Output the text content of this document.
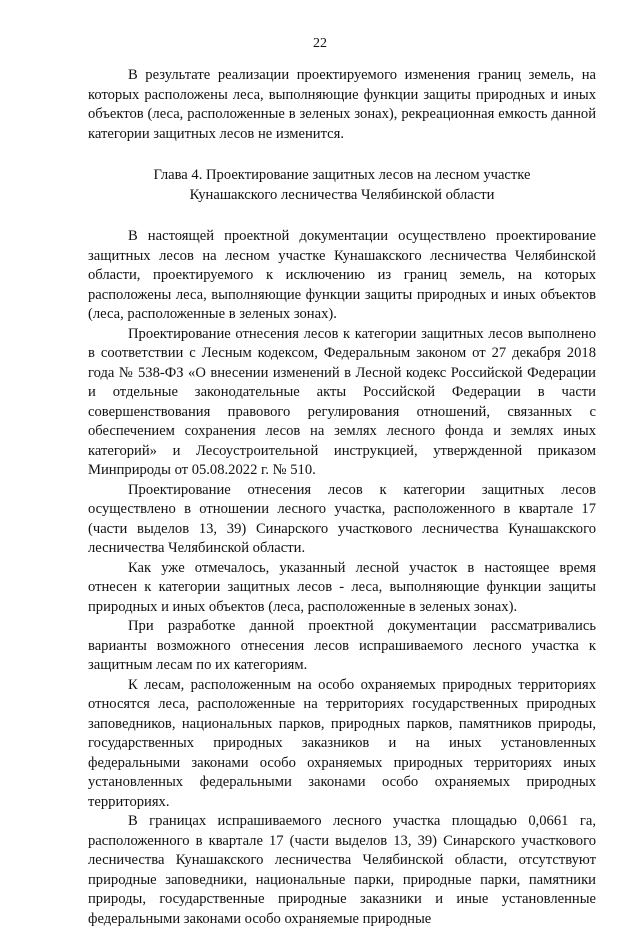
22

В результате реализации проектируемого изменения границ земель, на которых расположены леса, выполняющие функции защиты природных и иных объектов (леса, расположенные в зеленых зонах), рекреационная емкость данной категории защитных лесов не изменится.

Глава 4. Проектирование защитных лесов на лесном участке
Кунашакского лесничества Челябинской области

В настоящей проектной документации осуществлено проектирование защитных лесов на лесном участке Кунашакского лесничества Челябинской области, проектируемого к исключению из границ земель, на которых расположены леса, выполняющие функции защиты природных и иных объектов (леса, расположенные в зеленых зонах).

Проектирование отнесения лесов к категории защитных лесов выполнено в соответствии с Лесным кодексом, Федеральным законом от 27 декабря 2018 года № 538-ФЗ «О внесении изменений в Лесной кодекс Российской Федерации и отдельные законодательные акты Российской Федерации в части совершенствования правового регулирования отношений, связанных с обеспечением сохранения лесов на землях лесного фонда и землях иных категорий» и Лесоустроительной инструкцией, утвержденной приказом Минприроды от 05.08.2022 г. № 510.

Проектирование отнесения лесов к категории защитных лесов осуществлено в отношении лесного участка, расположенного в квартале 17 (части выделов 13, 39) Синарского участкового лесничества Кунашакского лесничества Челябинской области.

Как уже отмечалось, указанный лесной участок в настоящее время отнесен к категории защитных лесов - леса, выполняющие функции защиты природных и иных объектов (леса, расположенные в зеленых зонах).

При разработке данной проектной документации рассматривались варианты возможного отнесения лесов испрашиваемого лесного участка к защитным лесам по их категориям.

К лесам, расположенным на особо охраняемых природных территориях относятся леса, расположенные на территориях государственных природных заповедников, национальных парков, природных парков, памятников природы, государственных природных заказников и на иных установленных федеральными законами особо охраняемых природных территориях иных установленных федеральными законами особо охраняемых природных территориях.

В границах испрашиваемого лесного участка площадью 0,0661 га, расположенного в квартале 17 (части выделов 13, 39) Синарского участкового лесничества Кунашакского лесничества Челябинской области, отсутствуют природные заповедники, национальные парки, природные парки, памятники природы, государственные природные заказники и иные установленные федеральными законами особо охраняемые природные
